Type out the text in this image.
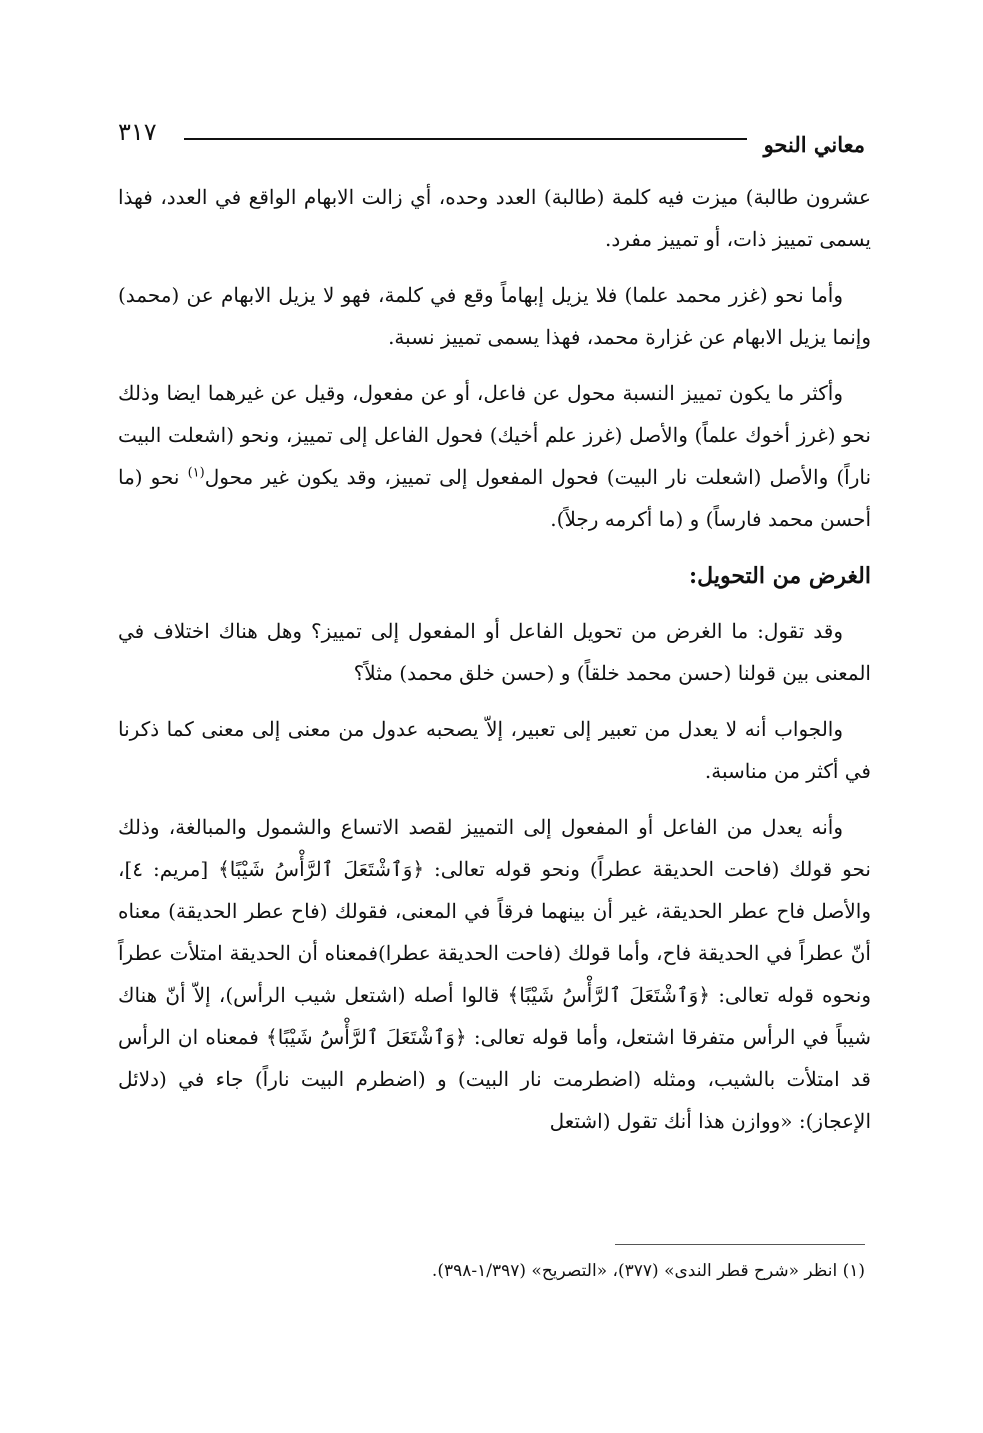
٣١٧	معاني النحو

عشرون طالبة) ميزت فيه كلمة (طالبة) العدد وحده، أي زالت الابهام الواقع في العدد، فهذا يسمى تمييز ذات، أو تمييز مفرد.

وأما نحو (غزر محمد علما) فلا يزيل إبهاماً وقع في كلمة، فهو لا يزيل الابهام عن (محمد) وإنما يزيل الابهام عن غزارة محمد، فهذا يسمى تمييز نسبة.

وأكثر ما يكون تمييز النسبة محول عن فاعل، أو عن مفعول، وقيل عن غيرهما ايضا وذلك نحو (غرز أخوك علماً) والأصل (غرز علم أخيك) فحول الفاعل إلى تمييز، ونحو (اشعلت البيت ناراً) والأصل (اشعلت نار البيت) فحول المفعول إلى تمييز، وقد يكون غير محول$^{(١)}$ نحو (ما أحسن محمد فارساً) و (ما أكرمه رجلاً).

الغرض من التحويل:

وقد تقول: ما الغرض من تحويل الفاعل أو المفعول إلى تمييز؟ وهل هناك اختلاف في المعنى بين قولنا (حسن محمد خلقاً) و (حسن خلق محمد) مثلاً؟

والجواب أنه لا يعدل من تعبير إلى تعبير، إلاّ يصحبه عدول من معنى إلى معنى كما ذكرنا في أكثر من مناسبة.

وأنه يعدل من الفاعل أو المفعول إلى التمييز لقصد الاتساع والشمول والمبالغة، وذلك نحو قولك (فاحت الحديقة عطراً) ونحو قوله تعالى: ﴿وَٱشْتَعَلَ ٱلرَّأْسُ شَيْبًا﴾ [مريم: ٤]، والأصل فاح عطر الحديقة، غير أن بينهما فرقاً في المعنى، فقولك (فاح عطر الحديقة) معناه أنّ عطراً في الحديقة فاح، وأما قولك (فاحت الحديقة عطرا)فمعناه أن الحديقة امتلأت عطراً ونحوه قوله تعالى: ﴿وَٱشْتَعَلَ ٱلرَّأْسُ شَيْبًا﴾ قالوا أصله (اشتعل شيب الرأس)، إلاّ أنّ هناك شيباً في الرأس متفرقا اشتعل، وأما قوله تعالى: ﴿وَٱشْتَعَلَ ٱلرَّأْسُ شَيْبًا﴾ فمعناه ان الرأس قد امتلأت بالشيب، ومثله (اضطرمت نار البيت) و (اضطرم البيت ناراً) جاء في (دلائل الإعجاز): «ووازن هذا أنك تقول (اشتعل

(١) انظر «شرح قطر الندى» (٣٧٧)، «التصريح» (١/٣٩٧-٣٩٨).
